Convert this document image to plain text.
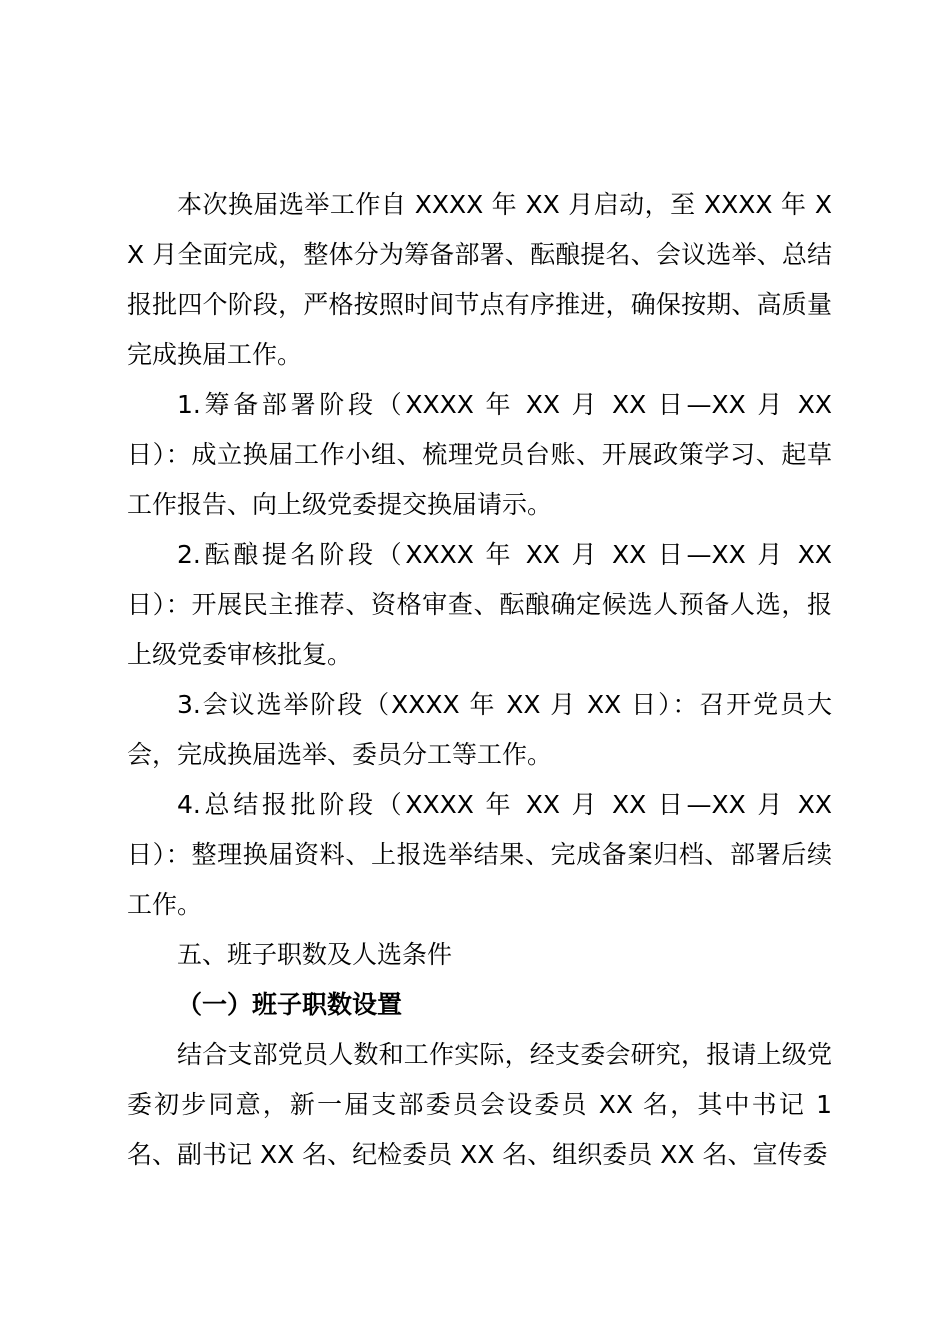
本次换届选举工作自 XXXX 年 XX 月启动，至 XXXX 年 XX 月全面完成，整体分为筹备部署、酝酿提名、会议选举、总结报批四个阶段，严格按照时间节点有序推进，确保按期、高质量完成换届工作。

1.筹备部署阶段（XXXX 年 XX 月 XX 日—XX 月 XX 日）：成立换届工作小组、梳理党员台账、开展政策学习、起草工作报告、向上级党委提交换届请示。

2.酝酿提名阶段（XXXX 年 XX 月 XX 日—XX 月 XX 日）：开展民主推荐、资格审查、酝酿确定候选人预备人选，报上级党委审核批复。

3.会议选举阶段（XXXX 年 XX 月 XX 日）：召开党员大会，完成换届选举、委员分工等工作。

4.总结报批阶段（XXXX 年 XX 月 XX 日—XX 月 XX 日）：整理换届资料、上报选举结果、完成备案归档、部署后续工作。

五、班子职数及人选条件

（一）班子职数设置

结合支部党员人数和工作实际，经支委会研究，报请上级党委初步同意，新一届支部委员会设委员 XX 名，其中书记 1 名、副书记 XX 名、纪检委员 XX 名、组织委员 XX 名、宣传委
